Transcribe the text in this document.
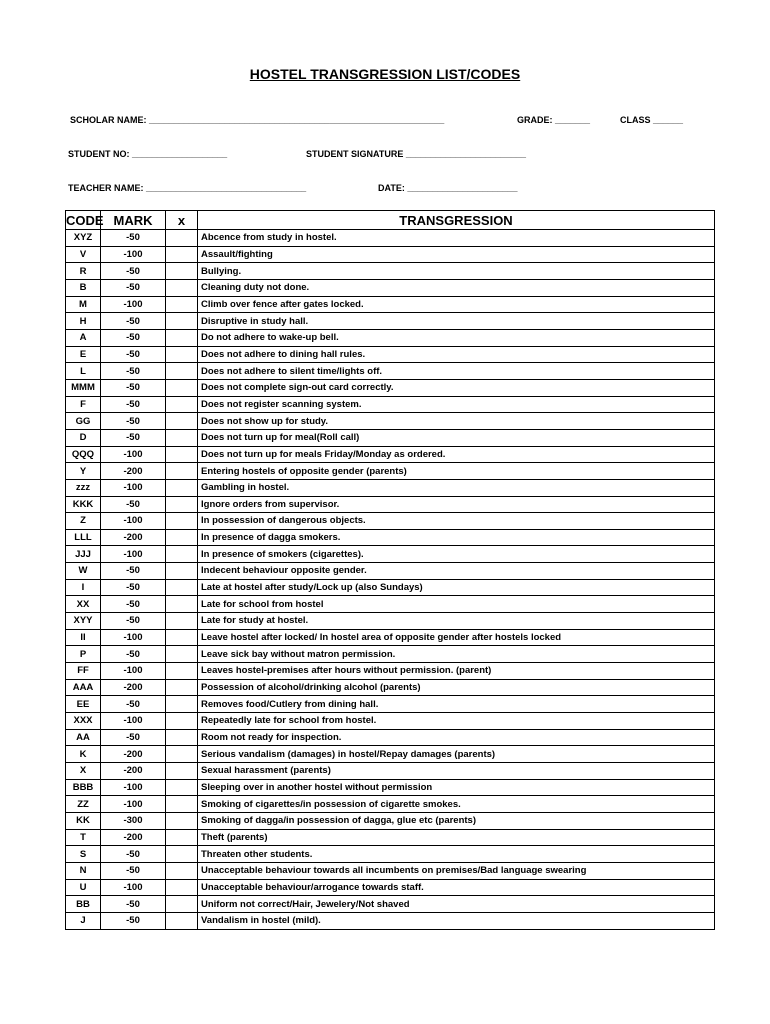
HOSTEL TRANSGRESSION LIST/CODES
SCHOLAR NAME: ___________________________________________________________	GRADE: _______	CLASS ______
STUDENT NO: ___________________	STUDENT SIGNATURE ________________________
TEACHER NAME: ________________________________	DATE: ______________________
CODE	MARK	x	TRANSGRESSION
XYZ	-50		Abcence from study in hostel.
V	-100		Assault/fighting
R	-50		Bullying.
B	-50		Cleaning duty not done.
M	-100		Climb over fence after gates locked.
H	-50		Disruptive in study hall.
A	-50		Do not adhere to wake-up bell.
E	-50		Does not adhere to dining hall rules.
L	-50		Does not adhere to silent time/lights off.
MMM	-50		Does not complete sign-out card correctly.
F	-50		Does not register scanning system.
GG	-50		Does not show up for study.
D	-50		Does not turn up for meal(Roll call)
QQQ	-100		Does not turn up for meals Friday/Monday as ordered.
Y	-200		Entering hostels of opposite gender (parents)
zzz	-100		Gambling in hostel.
KKK	-50		Ignore orders from supervisor.
Z	-100		In possession of dangerous objects.
LLL	-200		In presence of dagga smokers.
JJJ	-100		In presence of smokers (cigarettes).
W	-50		Indecent behaviour opposite gender.
I	-50		Late at hostel after study/Lock up (also Sundays)
XX	-50		Late for school from hostel
XYY	-50		Late for study at hostel.
II	-100		Leave hostel after locked/ In hostel area of opposite gender after hostels locked
P	-50		Leave sick bay without matron permission.
FF	-100		Leaves hostel-premises after hours without permission. (parent)
AAA	-200		Possession of alcohol/drinking alcohol (parents)
EE	-50		Removes food/Cutlery from dining hall.
XXX	-100		Repeatedly late for school from hostel.
AA	-50		Room not ready for inspection.
K	-200		Serious vandalism (damages) in hostel/Repay damages (parents)
X	-200		Sexual harassment (parents)
BBB	-100		Sleeping over in another hostel without permission
ZZ	-100		Smoking of cigarettes/in possession of cigarette smokes.
KK	-300		Smoking of dagga/in possession of dagga, glue etc (parents)
T	-200		Theft (parents)
S	-50		Threaten other students.
N	-50		Unacceptable behaviour towards all incumbents on premises/Bad language swearing
U	-100		Unacceptable behaviour/arrogance towards staff.
BB	-50		Uniform not correct/Hair, Jewelery/Not shaved
J	-50		Vandalism in hostel (mild).
